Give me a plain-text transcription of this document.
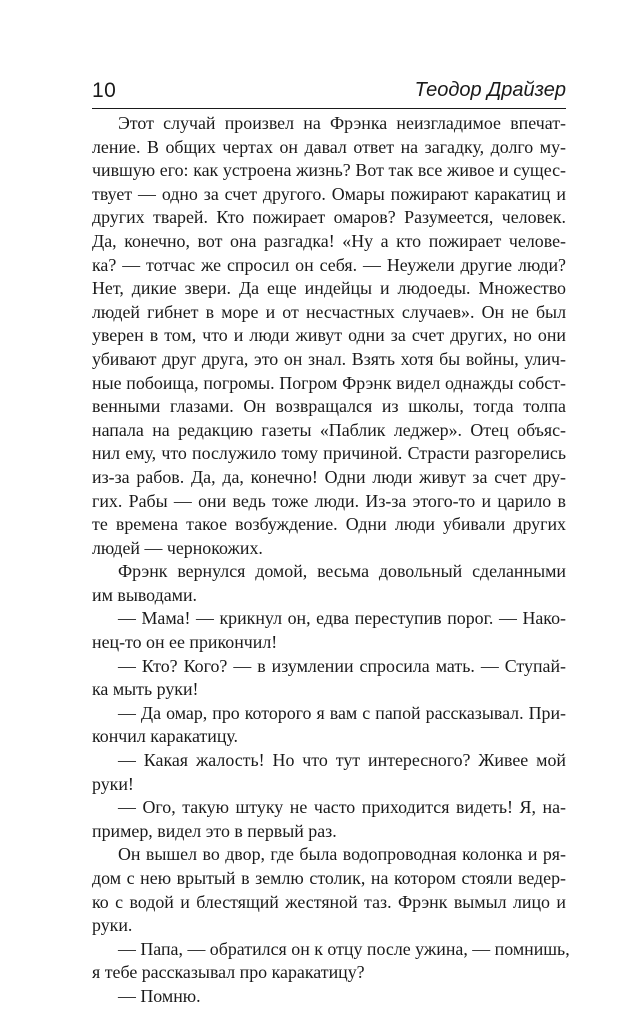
10	Теодор Драйзер
Этот случай произвел на Фрэнка неизгладимое впечат-
ление. В общих чертах он давал ответ на загадку, долго му-
чившую его: как устроена жизнь? Вот так все живое и сущес-
твует — одно за счет другого. Омары пожирают каракатиц и
других тварей. Кто пожирает омаров? Разумеется, человек.
Да, конечно, вот она разгадка! «Ну а кто пожирает челове-
ка? — тотчас же спросил он себя. — Неужели другие люди?
Нет, дикие звери. Да еще индейцы и людоеды. Множество
людей гибнет в море и от несчастных случаев». Он не был
уверен в том, что и люди живут одни за счет других, но они
убивают друг друга, это он знал. Взять хотя бы войны, улич-
ные побоища, погромы. Погром Фрэнк видел однажды собст-
венными глазами. Он возвращался из школы, тогда толпа
напала на редакцию газеты «Паблик леджер». Отец объяс-
нил ему, что послужило тому причиной. Страсти разгорелись
из-за рабов. Да, да, конечно! Одни люди живут за счет дру-
гих. Рабы — они ведь тоже люди. Из-за этого-то и царило в
те времена такое возбуждение. Одни люди убивали других
людей — чернокожих.
Фрэнк вернулся домой, весьма довольный сделанными
им выводами.
— Мама! — крикнул он, едва переступив порог. — Нако-
нец-то он ее прикончил!
— Кто? Кого? — в изумлении спросила мать. — Ступай-
ка мыть руки!
— Да омар, про которого я вам с папой рассказывал. При-
кончил каракатицу.
— Какая жалость! Но что тут интересного? Живее мой
руки!
— Ого, такую штуку не часто приходится видеть! Я, на-
пример, видел это в первый раз.
Он вышел во двор, где была водопроводная колонка и ря-
дом с нею врытый в землю столик, на котором стояли ведер-
ко с водой и блестящий жестяной таз. Фрэнк вымыл лицо и
руки.
— Папа, — обратился он к отцу после ужина, — помнишь,
я тебе рассказывал про каракатицу?
— Помню.
